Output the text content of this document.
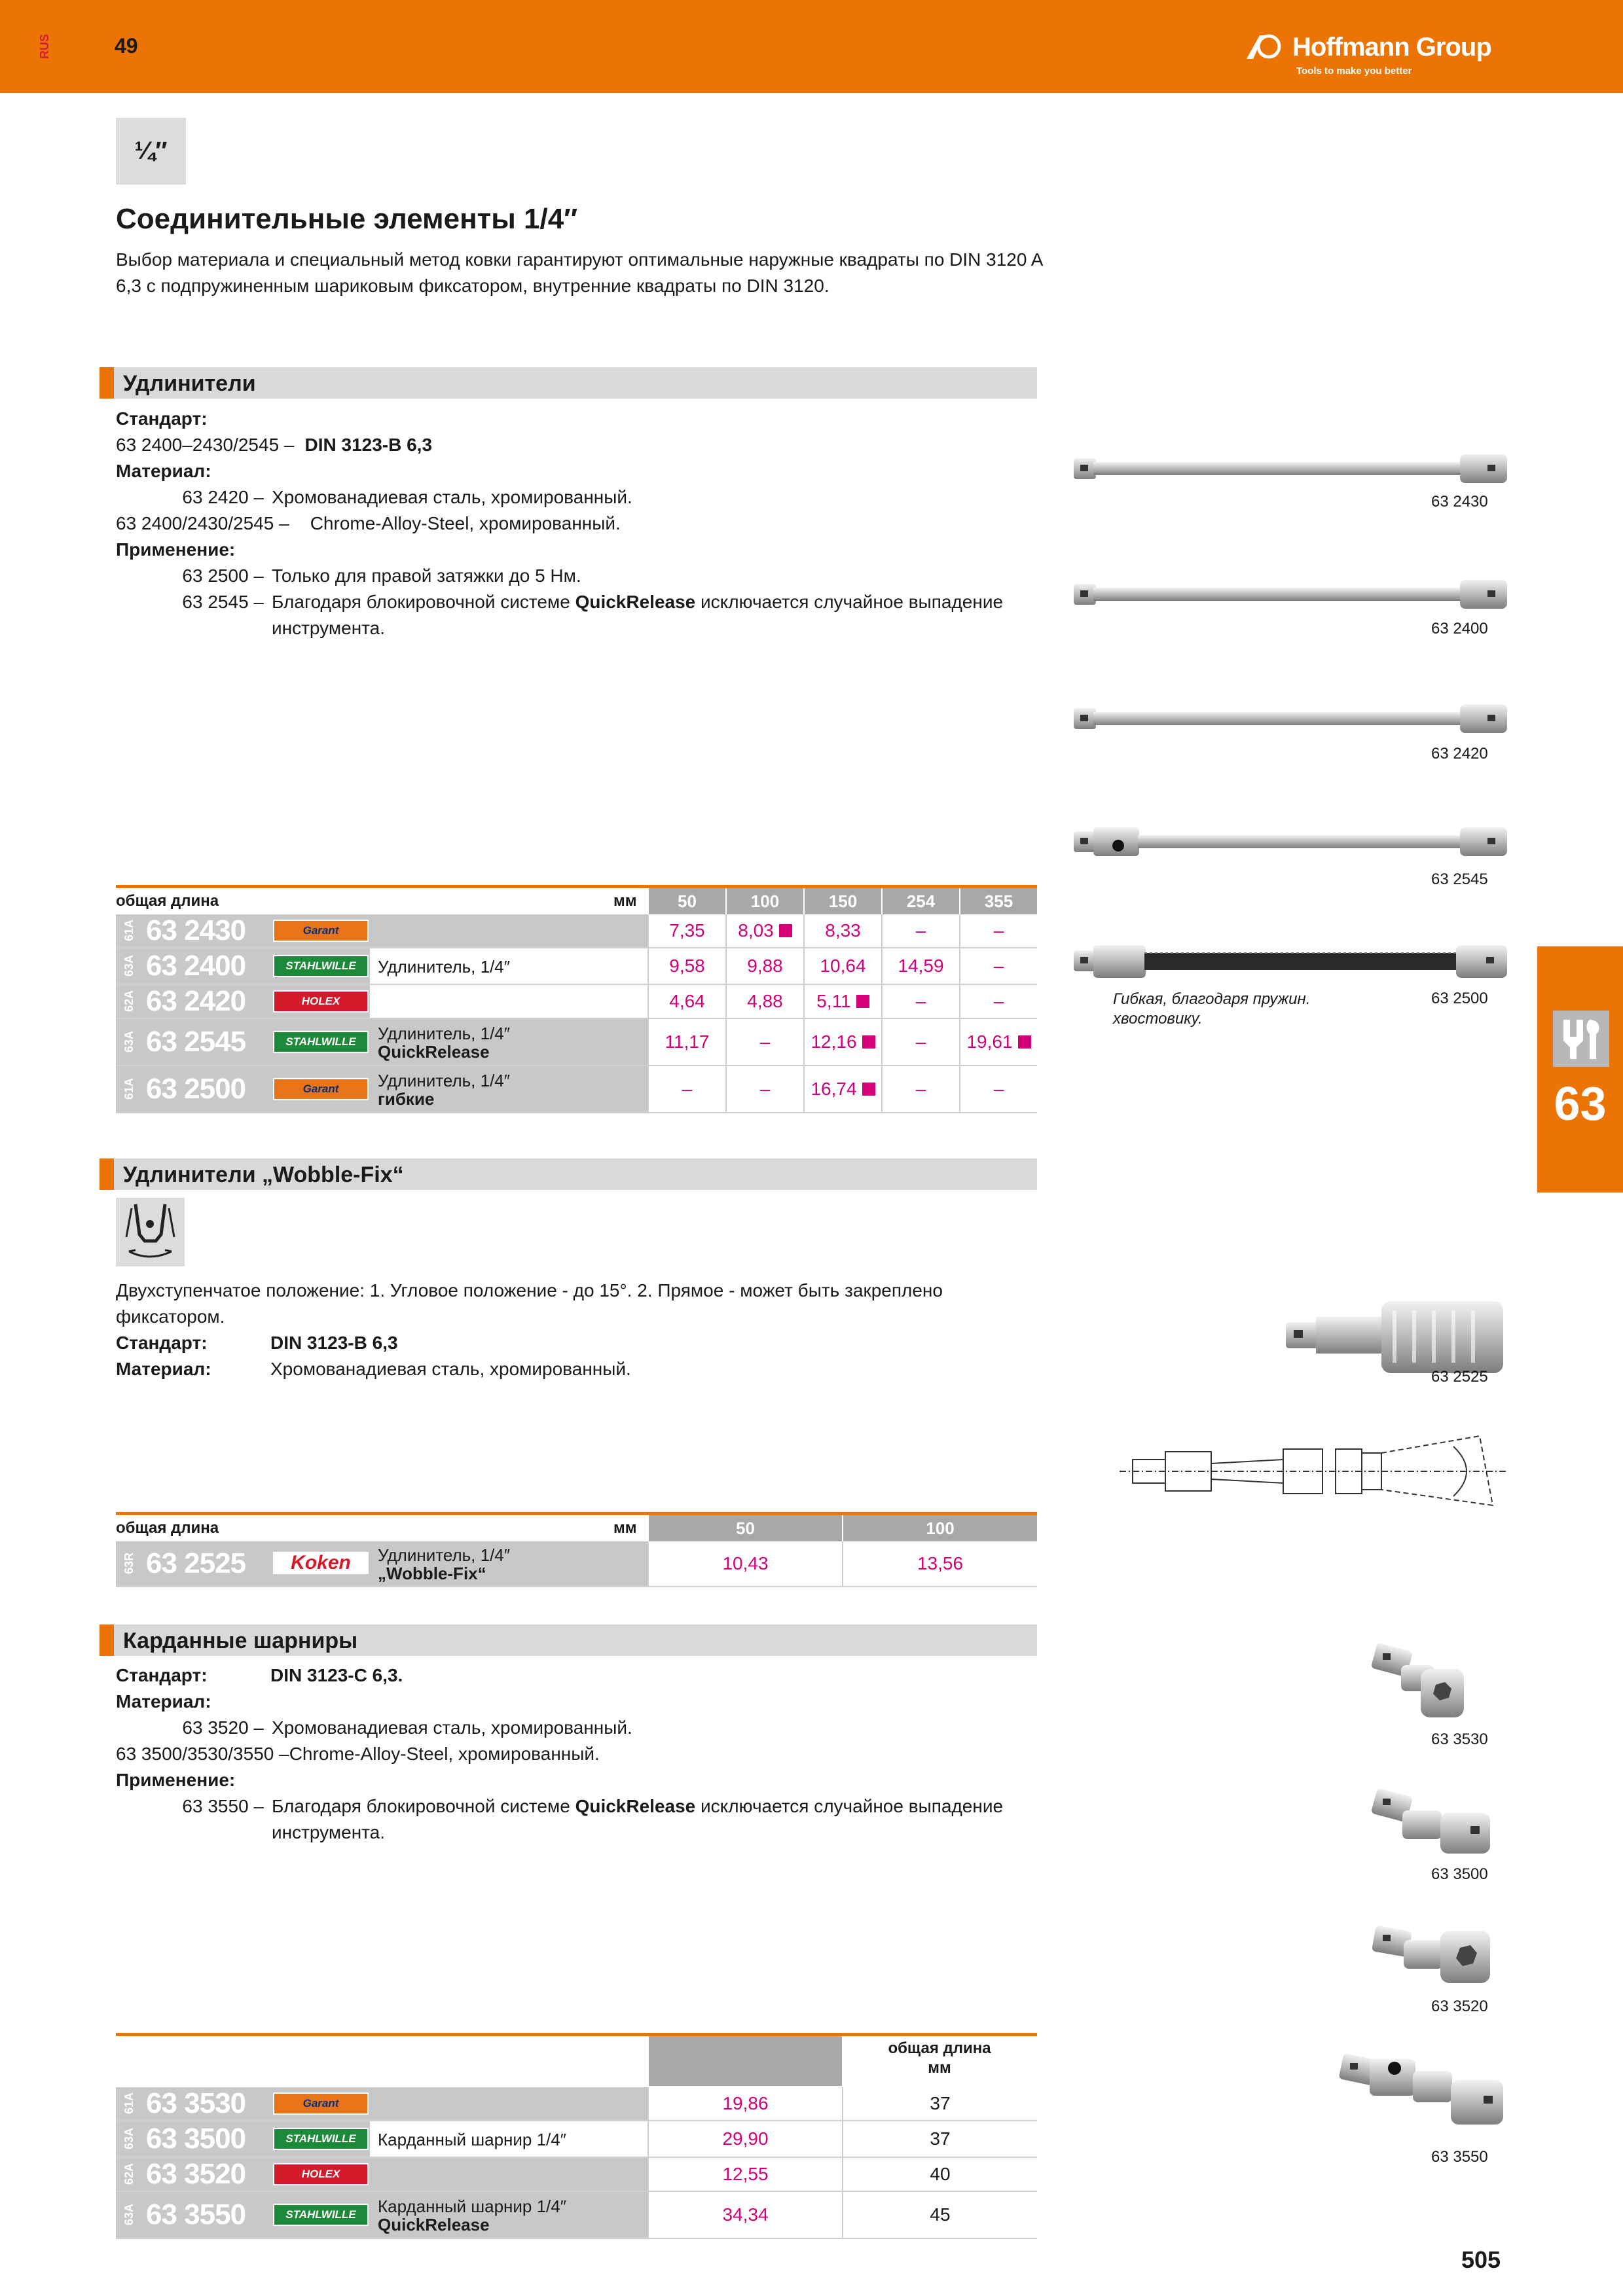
RUS	49	Hoffmann Group
Tools to make you better
¼″
Соединительные элементы 1/4″
Выбор материала и специальный метод ковки гарантируют оптимальные наружные квадраты по DIN 3120 A 6,3 с подпружиненным шариковым фиксатором, внутренние квадраты по DIN 3120.
Удлинители
Стандарт:
63 2400–2430/2545 – DIN 3123-B 6,3
Материал:
63 2420 – Хромованадиевая сталь, хромированный.
63 2400/2430/2545 – Chrome-Alloy-Steel, хромированный.
Применение:
63 2500 – Только для правой затяжки до 5 Нм.
63 2545 – Благодаря блокировочной системе QuickRelease исключается случайное выпадение
инструмента.
63 2430
63 2400
63 2420
63 2545
Гибкая, благодаря пружин.
хвостовику.
63 2500
общая длина	мм	50	100	150	254	355
61A 63 2430	Garant	7,35	8,03	8,33	–	–
63A 63 2400	STAHLWILLE	Удлинитель, 1/4″	9,58	9,88	10,64	14,59	–
62A 63 2420	HOLEX	4,64	4,88	5,11	–	–
63A 63 2545	STAHLWILLE	Удлинитель, 1/4″
QuickRelease	11,17	–	12,16	–	19,61
61A 63 2500	Garant	Удлинитель, 1/4″
гибкие	–	–	16,74	–	–	63
Удлинители „Wobble-Fix“
Двухступенчатое положение: 1. Угловое положение - до 15°. 2. Прямое - может быть закреплено фиксатором.
Стандарт:	DIN 3123-B 6,3
Материал:	Хромованадиевая сталь, хромированный.	63 2525
общая длина	мм	50	100
63R 63 2525	Koken	Удлинитель, 1/4″
„Wobble-Fix“	10,43	13,56
Карданные шарниры
Стандарт:	DIN 3123-C 6,3.
Материал:
63 3520 – Хромованадиевая сталь, хромированный.
63 3500/3530/3550 – Chrome-Alloy-Steel, хромированный.
Применение:
63 3550 – Благодаря блокировочной системе QuickRelease исключается случайное выпадение
инструмента.
63 3530
63 3500
63 3520
63 3550
общая длина
мм
61A 63 3530	Garant	19,86	37
63A 63 3500	STAHLWILLE	Карданный шарнир 1/4″	29,90	37
62A 63 3520	HOLEX	12,55	40
63A 63 3550	STAHLWILLE	Карданный шарнир 1/4″
QuickRelease	34,34	45
505
